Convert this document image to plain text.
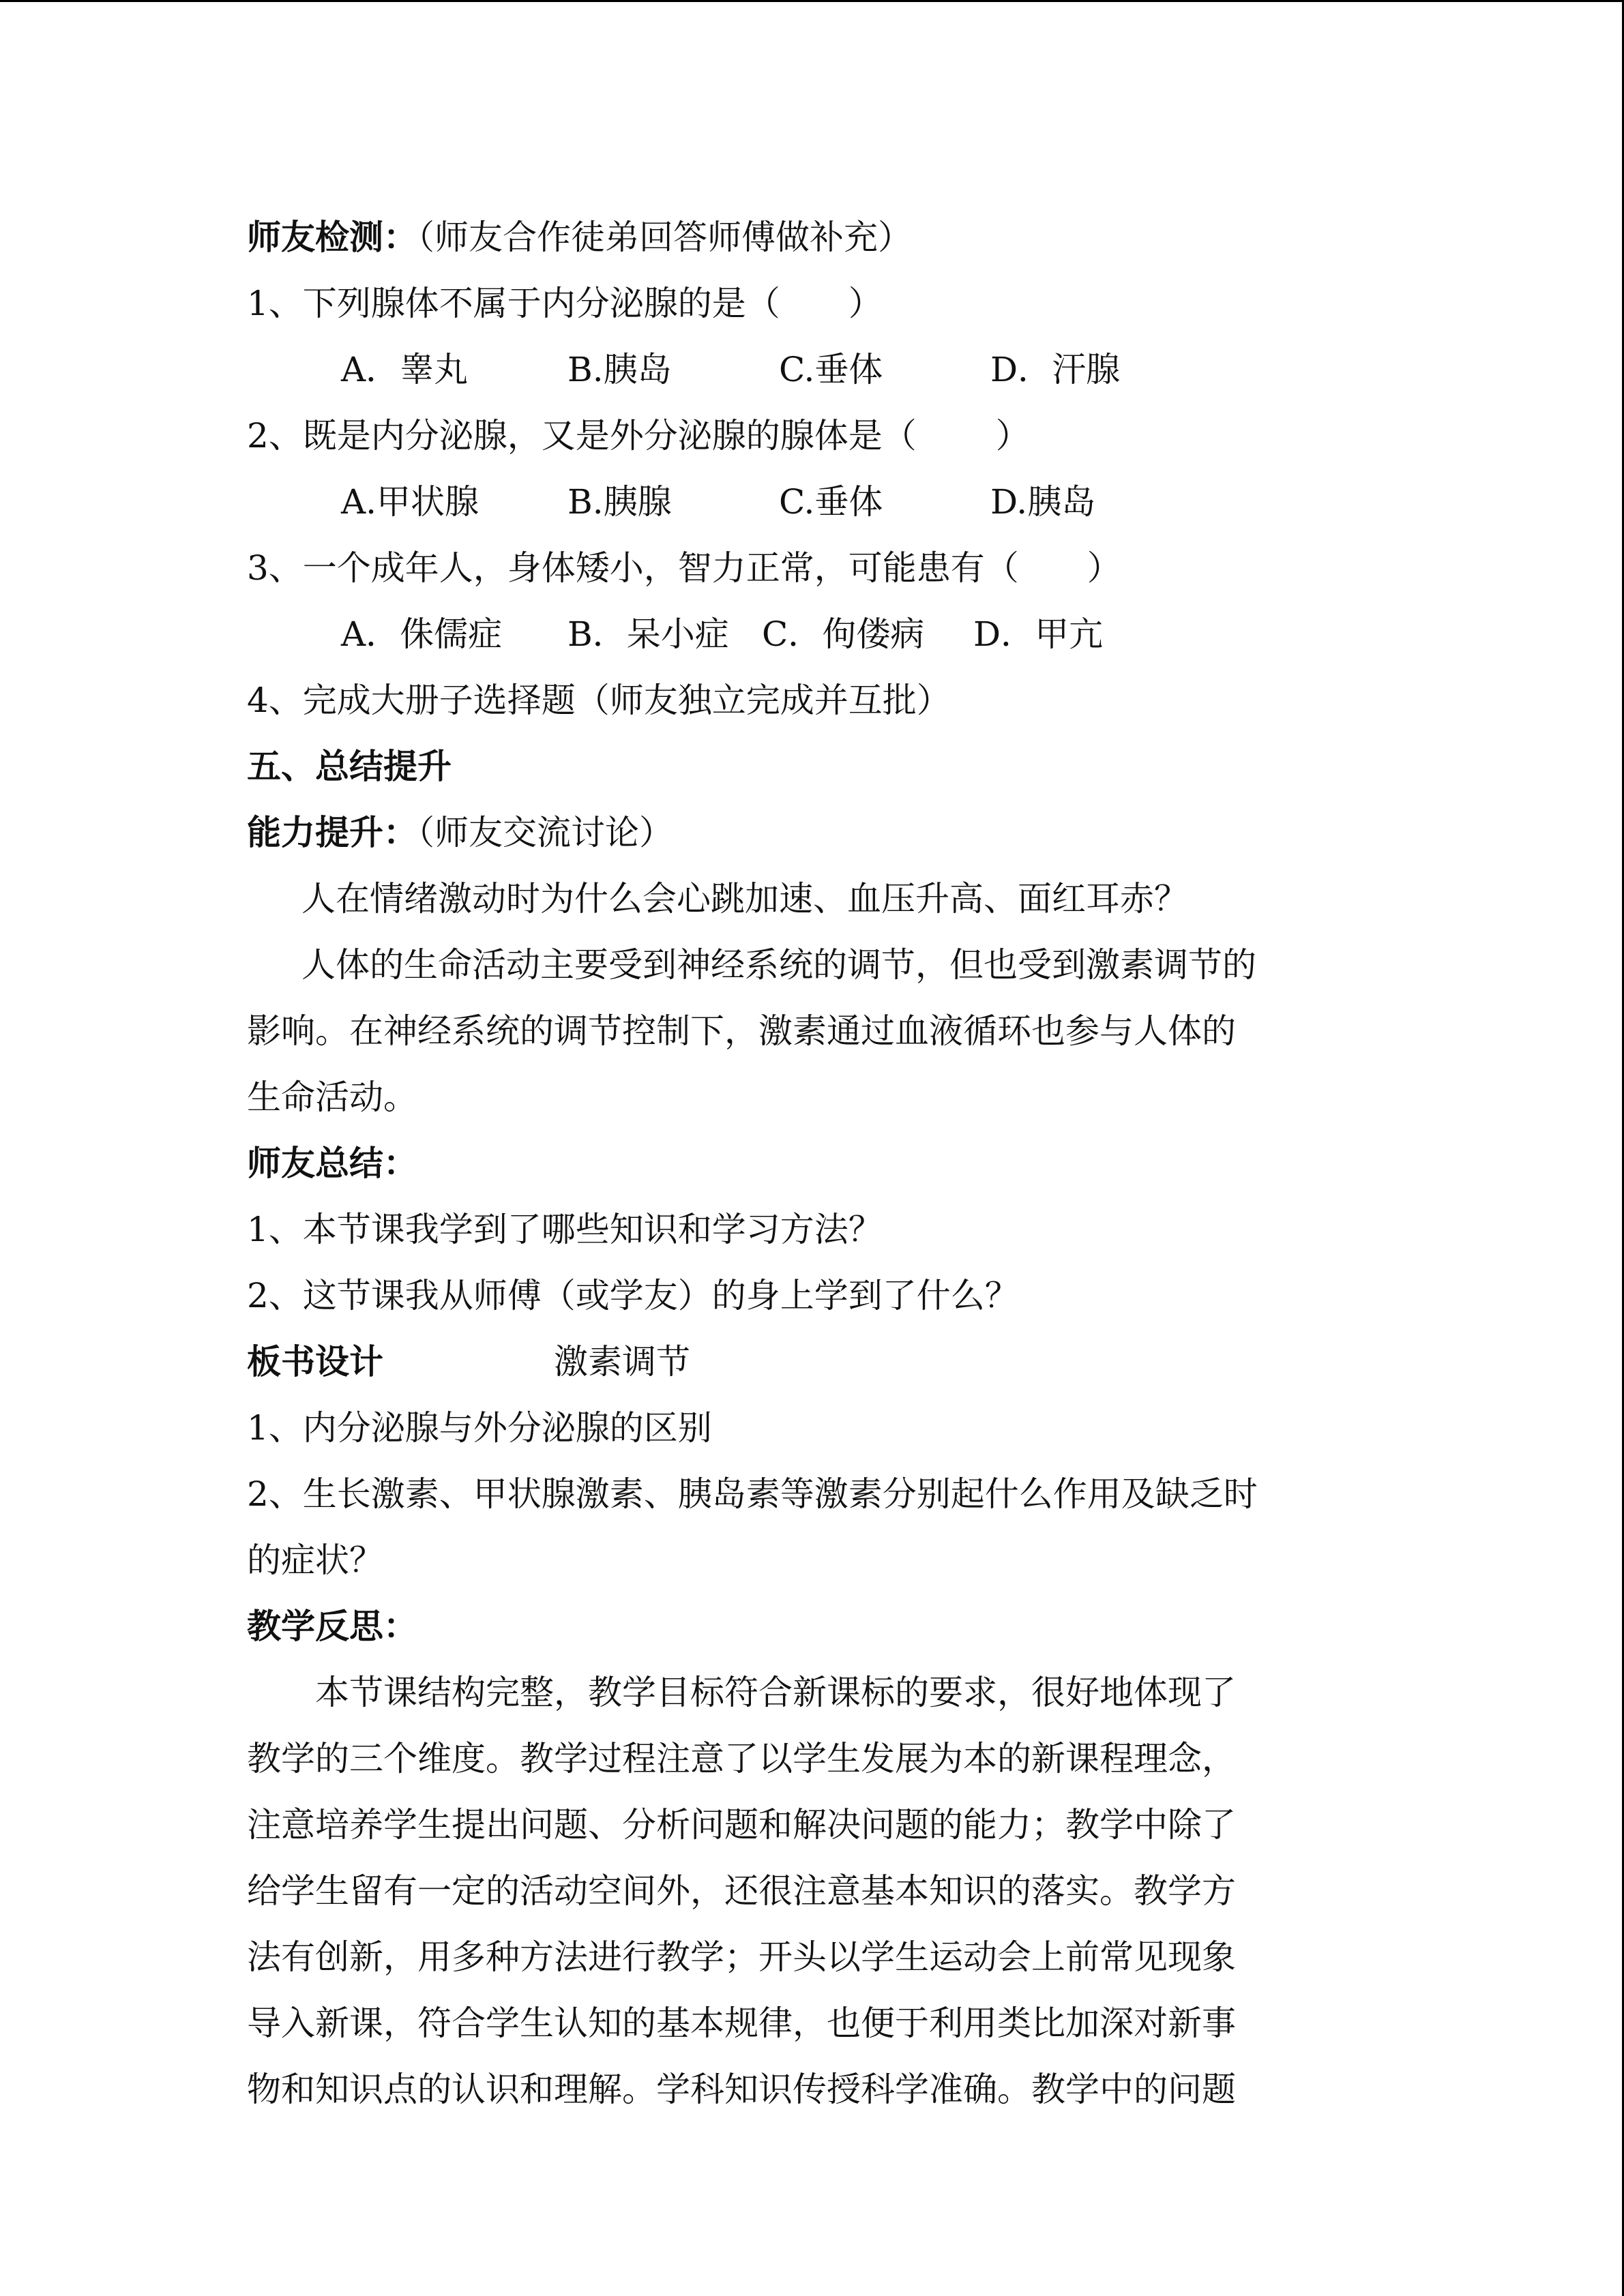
师友检测：（师友合作徒弟回答师傅做补充）
1、下列腺体不属于内分泌腺的是（　　）
A．睾丸	B.胰岛	C.垂体	D．汗腺
2、既是内分泌腺，又是外分泌腺的腺体是（　　 ）
A.甲状腺	B.胰腺	C.垂体	D.胰岛
3、一个成年人，身体矮小，智力正常，可能患有（　　）
A．侏儒症 B．呆小症 C．佝偻病 D．甲亢
4、完成大册子选择题（师友独立完成并互批）
五、总结提升
能力提升：（师友交流讨论）
人在情绪激动时为什么会心跳加速、血压升高、面红耳赤？
人体的生命活动主要受到神经系统的调节，但也受到激素调节的
影响。在神经系统的调节控制下，激素通过血液循环也参与人体的
生命活动。
师友总结：
1、本节课我学到了哪些知识和学习方法？
2、这节课我从师傅（或学友）的身上学到了什么？
板书设计	激素调节
1、内分泌腺与外分泌腺的区别
2、生长激素、甲状腺激素、胰岛素等激素分别起什么作用及缺乏时
的症状？
教学反思：
本节课结构完整，教学目标符合新课标的要求，很好地体现了
教学的三个维度。教学过程注意了以学生发展为本的新课程理念，
注意培养学生提出问题、分析问题和解决问题的能力；教学中除了
给学生留有一定的活动空间外，还很注意基本知识的落实。教学方
法有创新，用多种方法进行教学；开头以学生运动会上前常见现象
导入新课，符合学生认知的基本规律，也便于利用类比加深对新事
物和知识点的认识和理解。学科知识传授科学准确。教学中的问题
